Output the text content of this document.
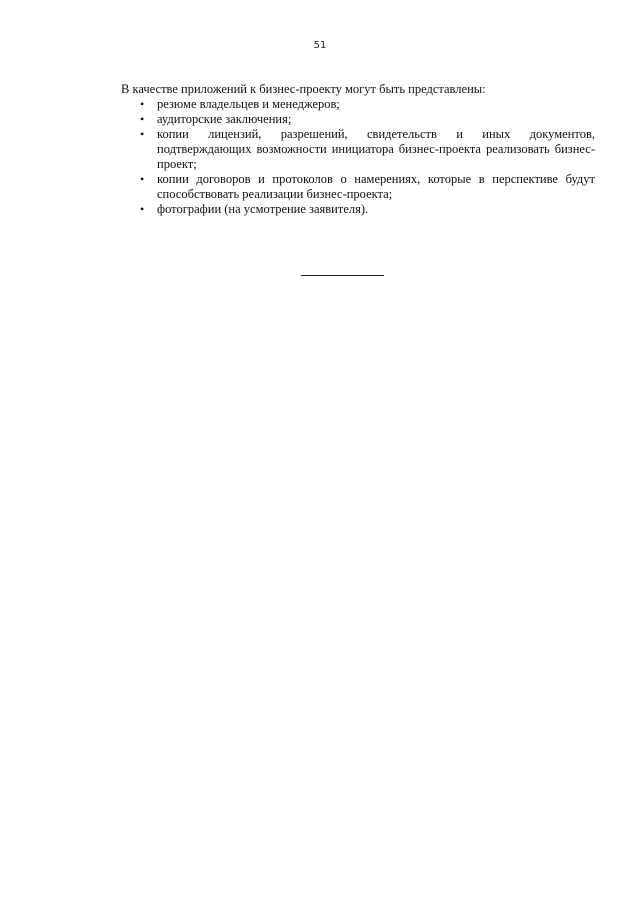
51

В качестве приложений к бизнес-проекту могут быть представлены:

• резюме владельцев и менеджеров;
• аудиторские заключения;
• копии лицензий, разрешений, свидетельств и иных документов, подтверждающих возможности инициатора бизнес-проекта реализовать бизнес-проект;
• копии договоров и протоколов о намерениях, которые в перспективе будут способствовать реализации бизнес-проекта;
• фотографии (на усмотрение заявителя).
